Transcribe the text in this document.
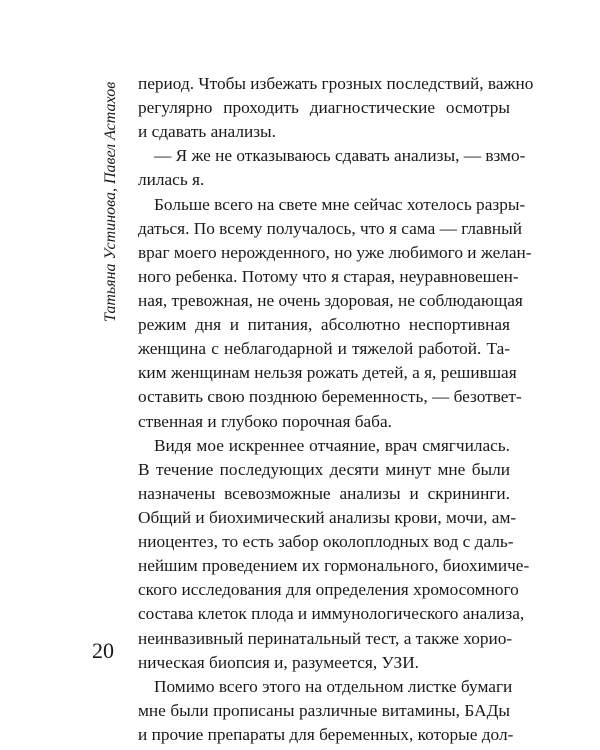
Татьяна Устинова, Павел Астахов период. Чтобы избежать грозных последствий, важно
регулярно проходить диагностические осмотры
и сдавать анализы.
— Я же не отказываюсь сдавать анализы, — взмо-
лилась я.
Больше всего на свете мне сейчас хотелось разры-
даться. По всему получалось, что я сама — главный
враг моего нерожденного, но уже любимого и желан-
ного ребенка. Потому что я старая, неуравновешен-
ная, тревожная, не очень здоровая, не соблюдающая
режим дня и питания, абсолютно неспортивная
женщина с неблагодарной и тяжелой работой. Та-
ким женщинам нельзя рожать детей, а я, решившая
оставить свою позднюю беременность, — безответ-
ственная и глубоко порочная баба.
Видя мое искреннее отчаяние, врач смягчилась.
В течение последующих десяти минут мне были
назначены всевозможные анализы и скрининги.
Общий и биохимический анализы крови, мочи, ам-
ниоцентез, то есть забор околоплодных вод с даль-
нейшим проведением их гормонального, биохимиче-
ского исследования для определения хромосомного
состава клеток плода и иммунологического анализа,
неинвазивный перинатальный тест, а также хорио-
ническая биопсия и, разумеется, УЗИ.
Помимо всего этого на отдельном листке бумаги
мне были прописаны различные витамины, БАДы
и прочие препараты для беременных, которые дол-
20
